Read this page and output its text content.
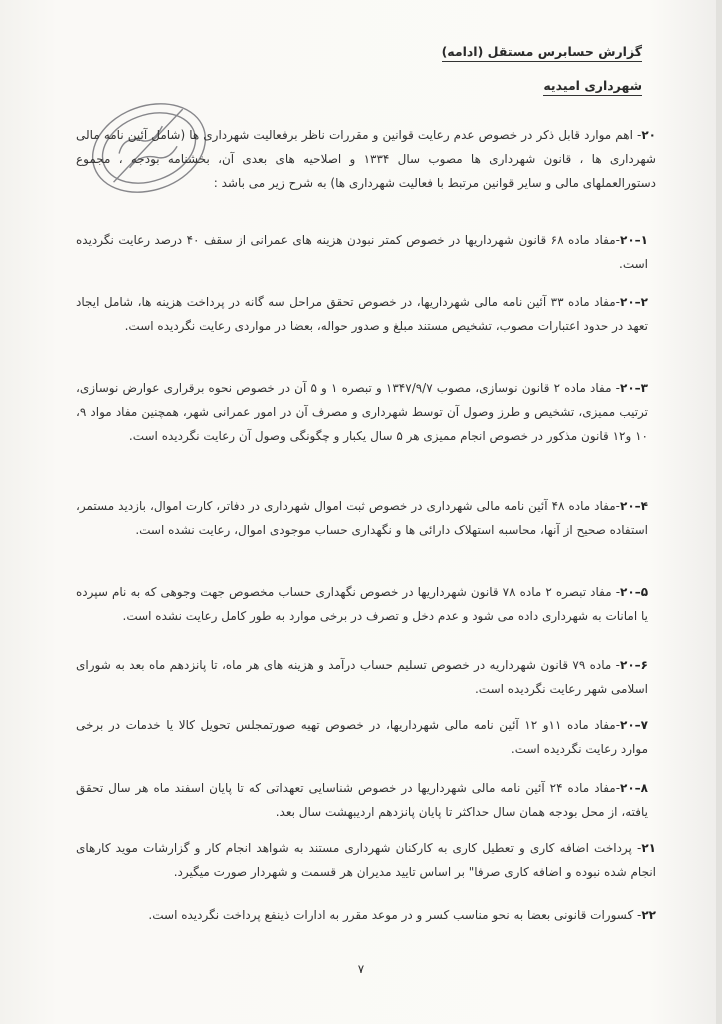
گزارش حسابرس مستقل (ادامه)
شهرداری امیدیه
۲۰- اهم موارد قابل ذکر در خصوص عدم رعایت قوانین و مقررات ناظر برفعالیت شهرداری ها (شامل آئین نامه مالی شهرداری ها ، قانون شهرداری ها مصوب سال ۱۳۳۴ و اصلاحیه های بعدی آن، بخشنامه بودجه ، مجموع دستورالعملهای مالی و سایر قوانین مرتبط با فعالیت شهرداری ها) به شرح زیر می باشد :
۲۰–۱-مفاد ماده ۶۸ قانون شهرداریها در خصوص کمتر نبودن هزینه های عمرانی از سقف ۴۰ درصد رعایت نگردیده است.
۲۰–۲-مفاد ماده ۳۳ آئین نامه مالی شهرداریها، در خصوص تحقق مراحل سه گانه در پرداخت هزینه ها، شامل ایجاد تعهد در حدود اعتبارات مصوب، تشخیص مستند مبلغ و صدور حواله، بعضا در مواردی رعایت نگردیده است.
۲۰–۳- مفاد ماده ۲ قانون نوسازی، مصوب ۱۳۴۷/۹/۷ و تبصره ۱ و ۵ آن در خصوص نحوه برقراری عوارض نوسازی، ترتیب ممیزی، تشخیص و طرز وصول آن توسط شهرداری و مصرف آن در امور عمرانی شهر، همچنین مفاد مواد ۹، ۱۰ و۱۲ قانون مذکور در خصوص انجام ممیزی هر ۵ سال یکبار و چگونگی وصول آن رعایت نگردیده است.
۲۰–۴-مفاد ماده ۴۸ آئین نامه مالی شهرداری در خصوص ثبت اموال شهرداری در دفاتر، کارت اموال، بازدید مستمر، استفاده صحیح از آنها، محاسبه استهلاک دارائی ها و نگهداری حساب موجودی اموال، رعایت نشده است.
۲۰–۵- مفاد تبصره ۲ ماده ۷۸ قانون شهرداریها در خصوص نگهداری حساب مخصوص جهت وجوهی که به نام سپرده یا امانات به شهرداری داده می شود و عدم دخل و تصرف در برخی موارد به طور کامل رعایت نشده است.
۲۰–۶- ماده ۷۹ قانون شهرداریه در خصوص تسلیم حساب درآمد و هزینه های هر ماه، تا پانزدهم ماه بعد به شورای اسلامی شهر رعایت نگردیده است.
۲۰–۷-مفاد ماده ۱۱و ۱۲ آئین نامه مالی شهرداریها، در خصوص تهیه صورتمجلس تحویل کالا یا خدمات در برخی موارد رعایت نگردیده است.
۲۰–۸-مفاد ماده ۲۴ آئین نامه مالی شهرداریها در خصوص شناسایی تعهداتی که تا پایان اسفند ماه هر سال تحقق یافته، از محل بودجه همان سال حداکثر تا پایان پانزدهم اردیبهشت سال بعد.
۲۱- پرداخت اضافه کاری و تعطیل کاری به کارکنان شهرداری مستند به شواهد انجام کار و گزارشات موید کارهای انجام شده نبوده و اضافه کاری صرفا" بر اساس تایید مدیران هر قسمت و شهردار صورت میگیرد.
۲۲- کسورات قانونی بعضا به نحو مناسب کسر و در موعد مقرر به ادارات ذینفع پرداخت نگردیده است.
۷
